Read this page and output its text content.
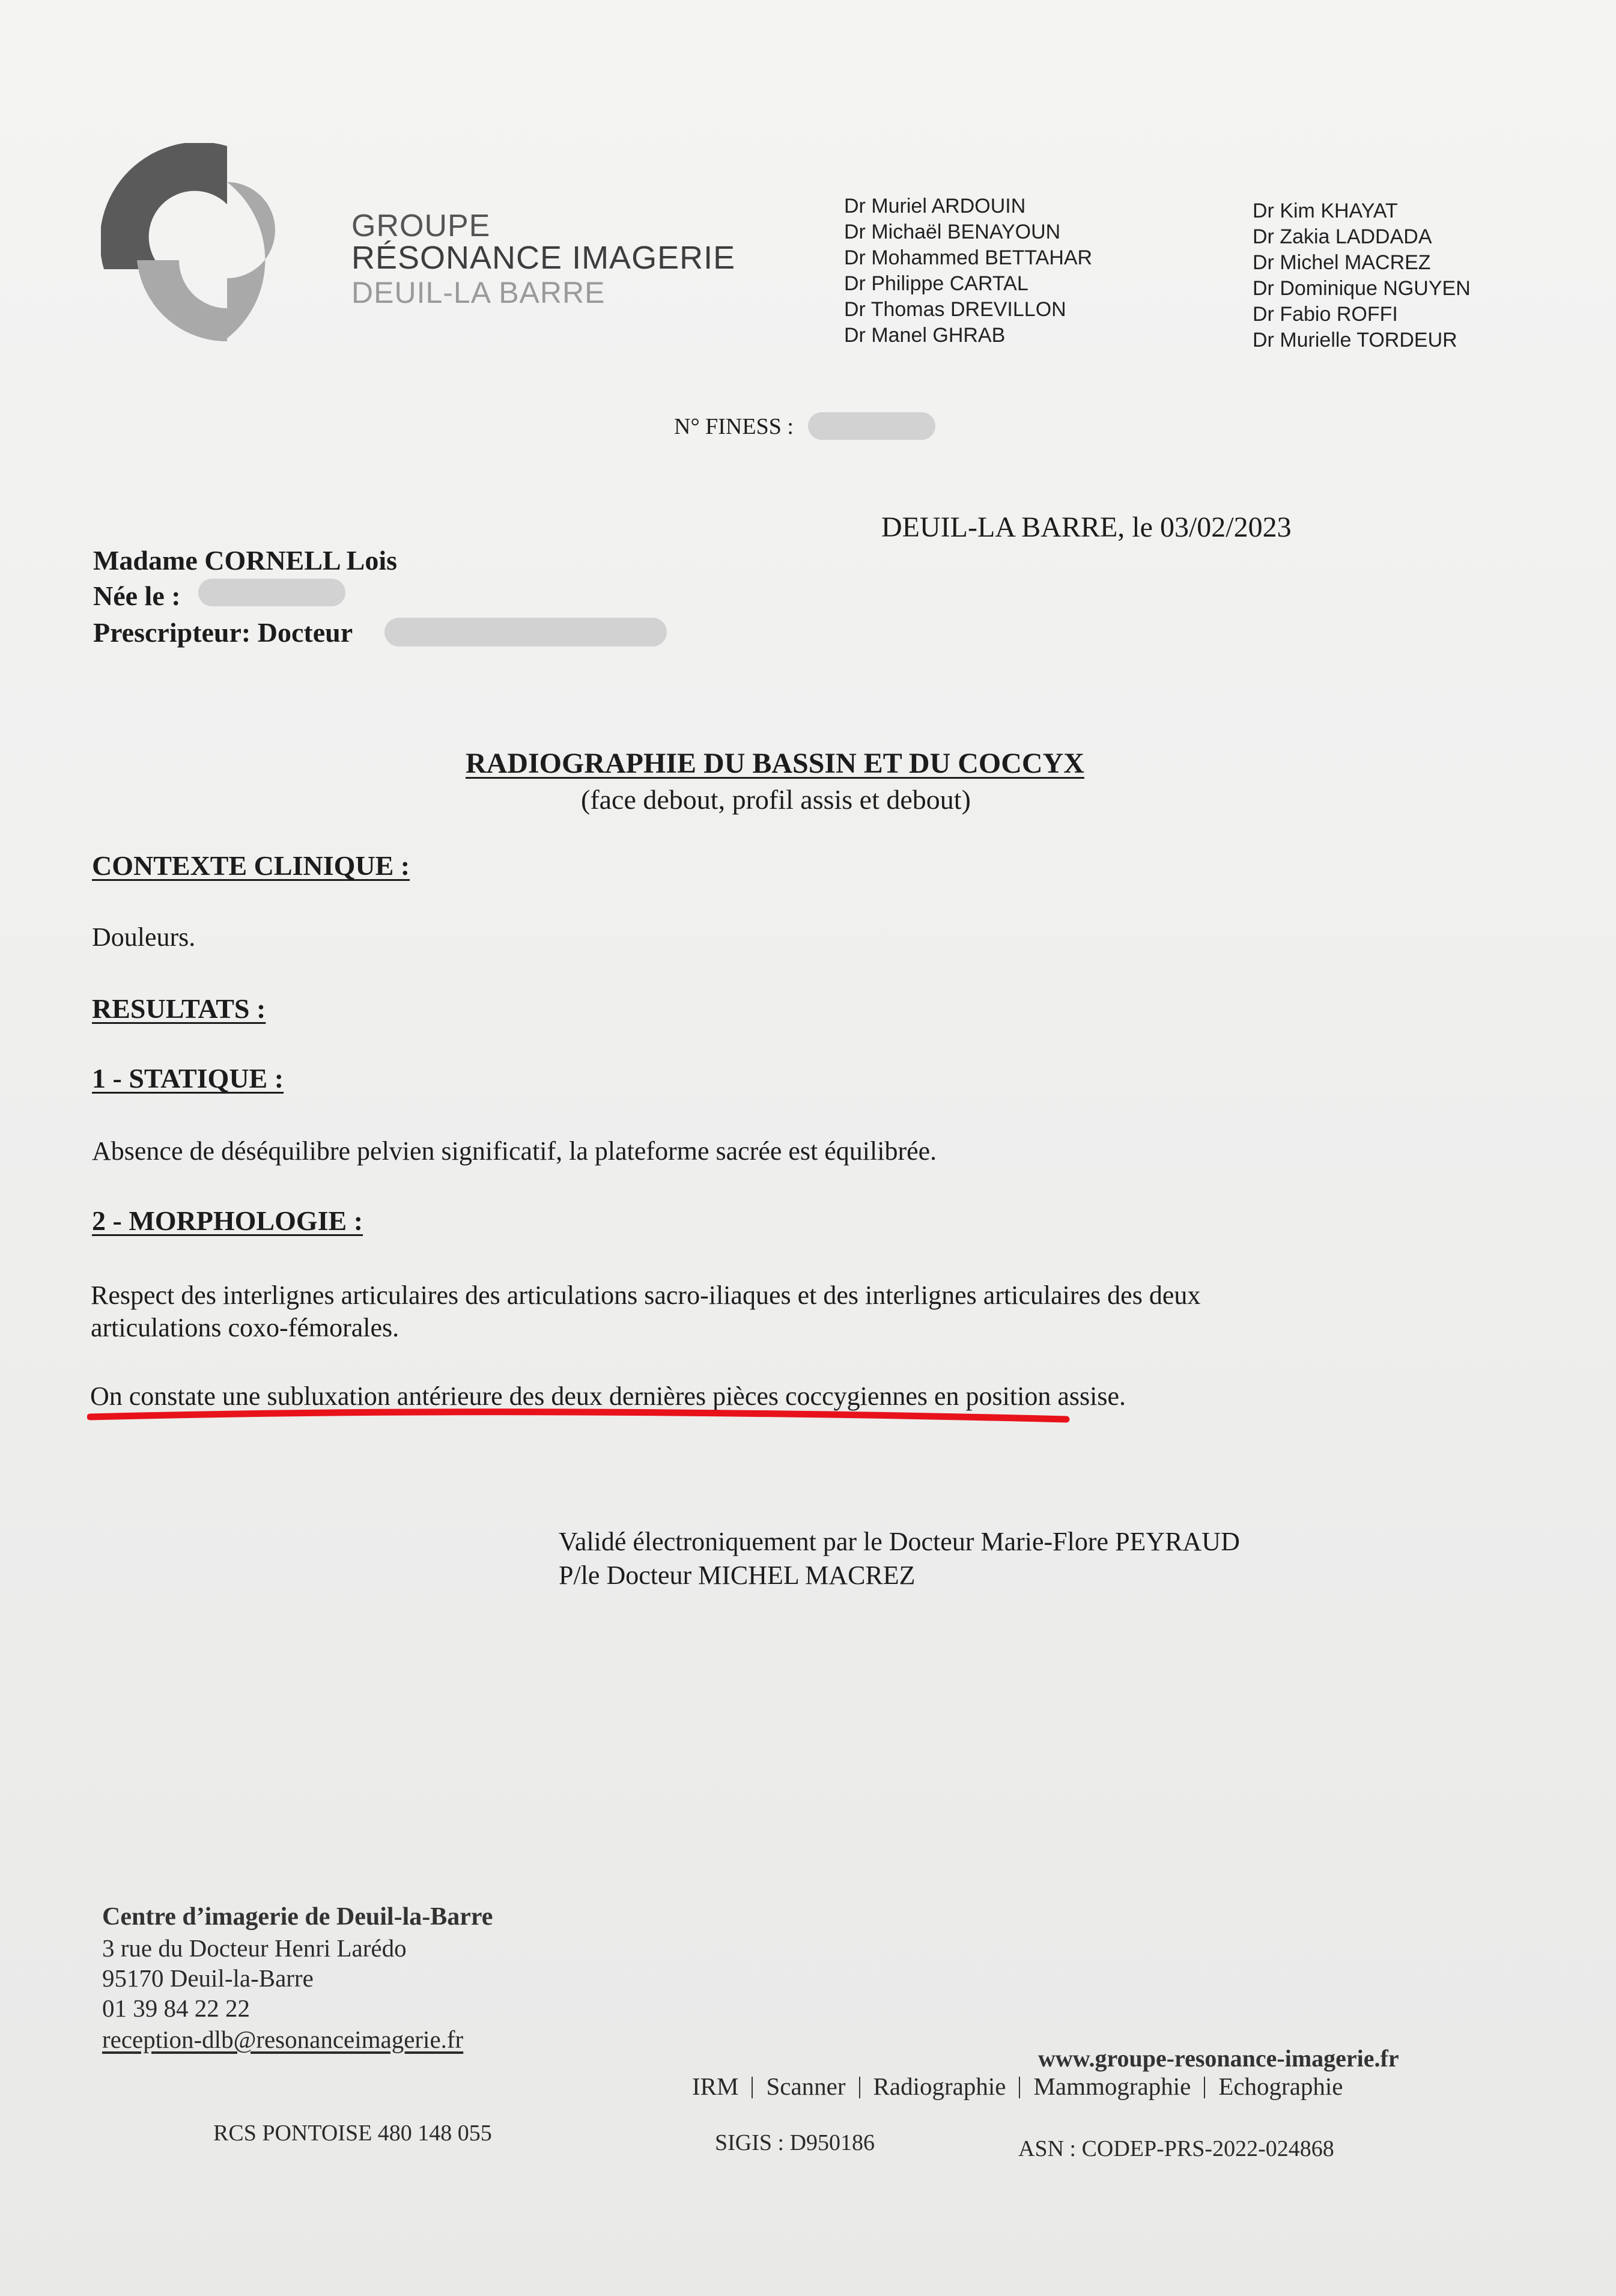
GROUPE
RÉSONANCE IMAGERIE
DEUIL-LA BARRE
Dr Muriel ARDOUIN
Dr Michaël BENAYOUN
Dr Mohammed BETTAHAR
Dr Philippe CARTAL
Dr Thomas DREVILLON
Dr Manel GHRAB
Dr Kim KHAYAT
Dr Zakia LADDADA
Dr Michel MACREZ
Dr Dominique NGUYEN
Dr Fabio ROFFI
Dr Murielle TORDEUR
N° FINESS :
DEUIL-LA BARRE, le 03/02/2023
Madame CORNELL Lois
Née le :
Prescripteur: Docteur
RADIOGRAPHIE DU BASSIN ET DU COCCYX
(face debout, profil assis et debout)
CONTEXTE CLINIQUE :
Douleurs.
RESULTATS :
1 - STATIQUE :
Absence de déséquilibre pelvien significatif, la plateforme sacrée est équilibrée.
2 - MORPHOLOGIE :
Respect des interlignes articulaires des articulations sacro-iliaques et des interlignes articulaires des deux
articulations coxo-fémorales.
On constate une subluxation antérieure des deux dernières pièces coccygiennes en position assise.
Validé électroniquement par le Docteur Marie-Flore PEYRAUD
P/le Docteur MICHEL MACREZ
Centre d’imagerie de Deuil-la-Barre
3 rue du Docteur Henri Larédo
95170 Deuil-la-Barre
01 39 84 22 22
reception-dlb@resonanceimagerie.fr
www.groupe-resonance-imagerie.fr
IRM Scanner Radiographie Mammographie Echographie
RCS PONTOISE 480 148 055	SIGIS : D950186	ASN : CODEP-PRS-2022-024868
